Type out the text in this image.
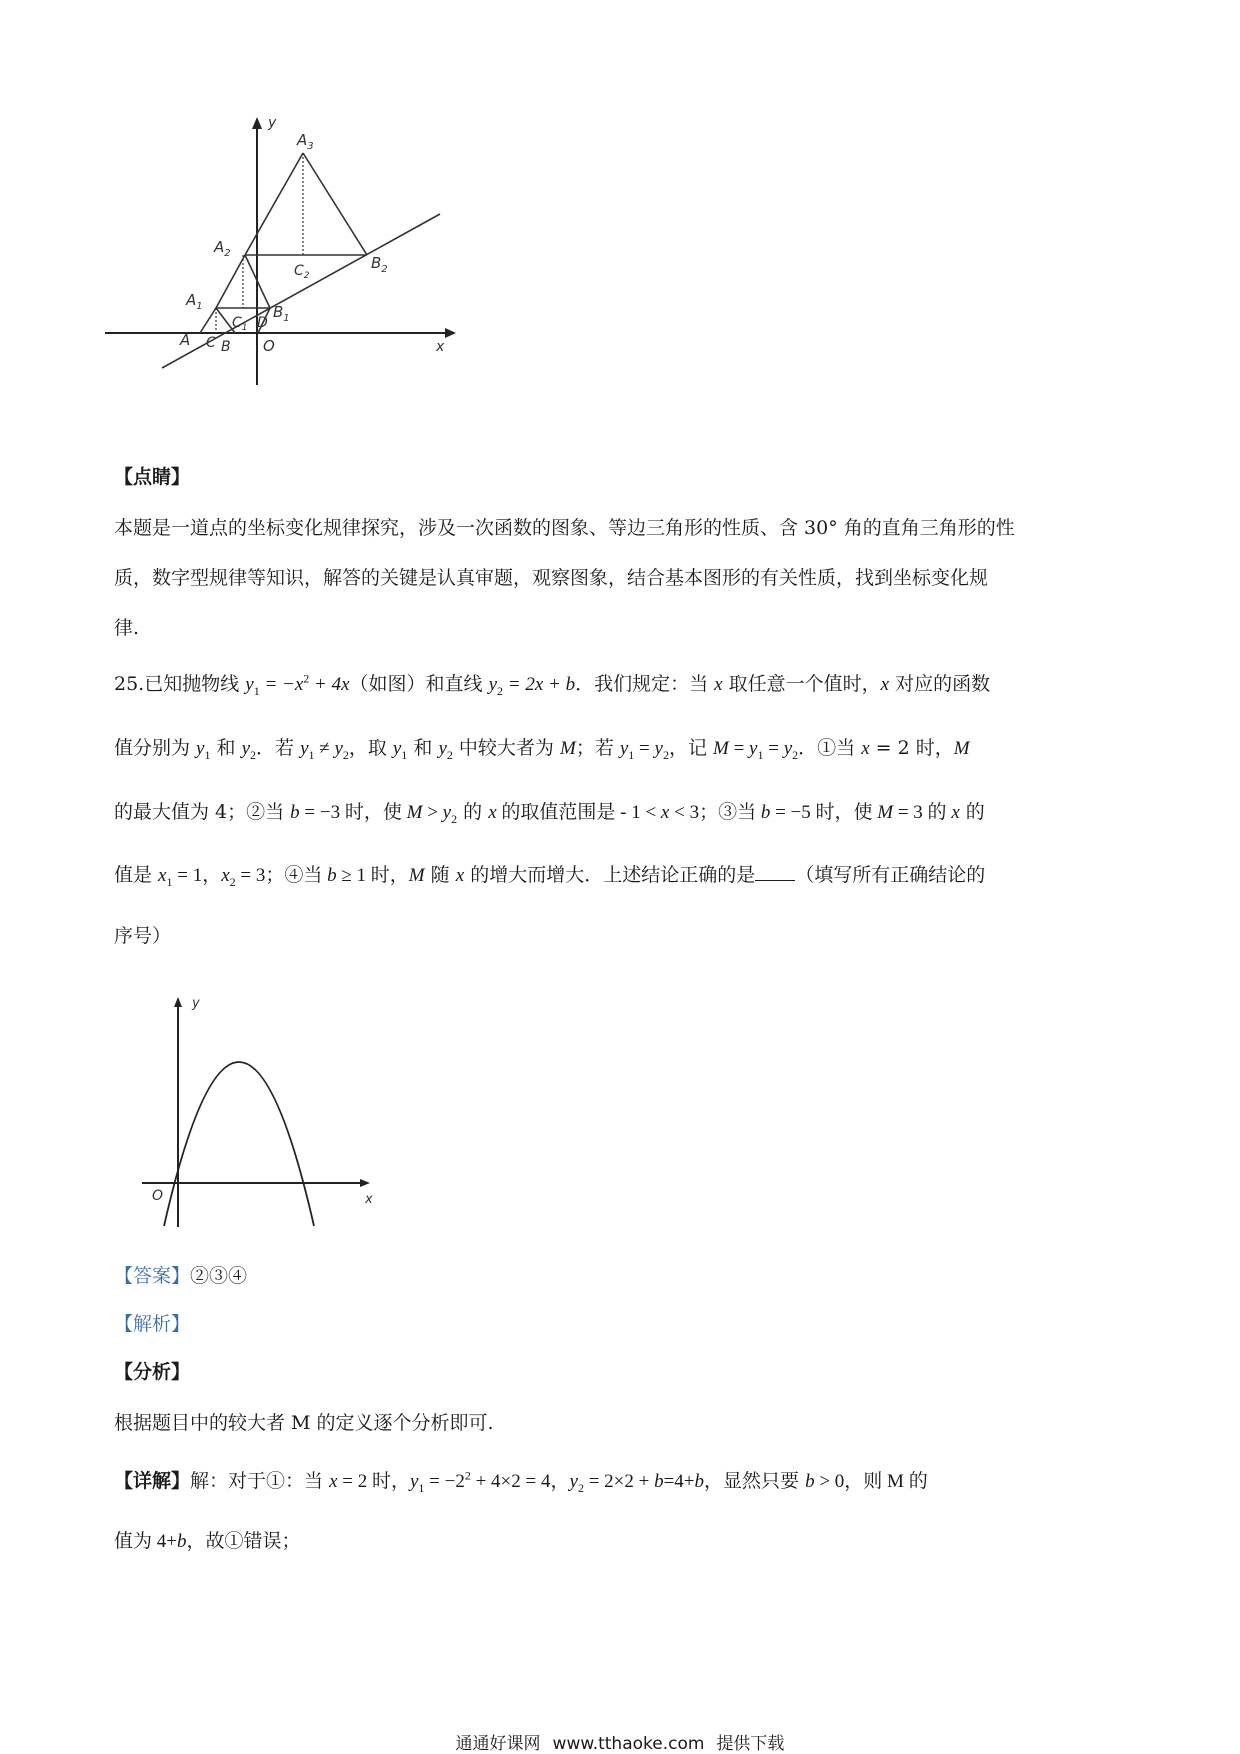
y
x
O
A C B
D
$A_1$	$B_1$
$C_1$
$A_2$
$B_2$
$C_2$
$A_3$
【点睛】
本题是一道点的坐标变化规律探究，涉及一次函数的图象、等边三角形的性质、含 30° 角的直角三角形的性
质，数字型规律等知识，解答的关键是认真审题，观察图象，结合基本图形的有关性质，找到坐标变化规
律.
25.已知抛物线 $y_1 = -x^2 + 4x$（如图）和直线 $y_2 = 2x + b$．我们规定：当 x 取任意一个值时，x 对应的函数
值分别为 $y_1$ 和 $y_2$．若 $y_1 \ne y_2$，取 $y_1$ 和 $y_2$ 中较大者为 M；若 $y_1 = y_2$，记 $M = y_1 = y_2$．①当 x = 2 时，M
的最大值为 4；②当 b = −3 时，使 $M > y_2$ 的 x 的取值范围是 - 1 < x < 3；③当 b = −5 时，使 M = 3 的 x 的
值是 $x_1 = 1$，$x_2 = 3$；④当 b ≥ 1 时，M 随 x 的增大而增大．上述结论正确的是 （填写所有正确结论的
序号）
y
x
O
【答案】②③④
【解析】
【分析】
根据题目中的较大者 M 的定义逐个分析即可.
【详解】解：对于①：当 x = 2 时，$y_1 = -2^2 + 4\times 2 = 4$，$y_2 = 2\times 2 + b=4+b$，显然只要 b > 0，则 M 的
值为 4+b，故①错误；
通通好课网 www.tthaoke.com 提供下载
